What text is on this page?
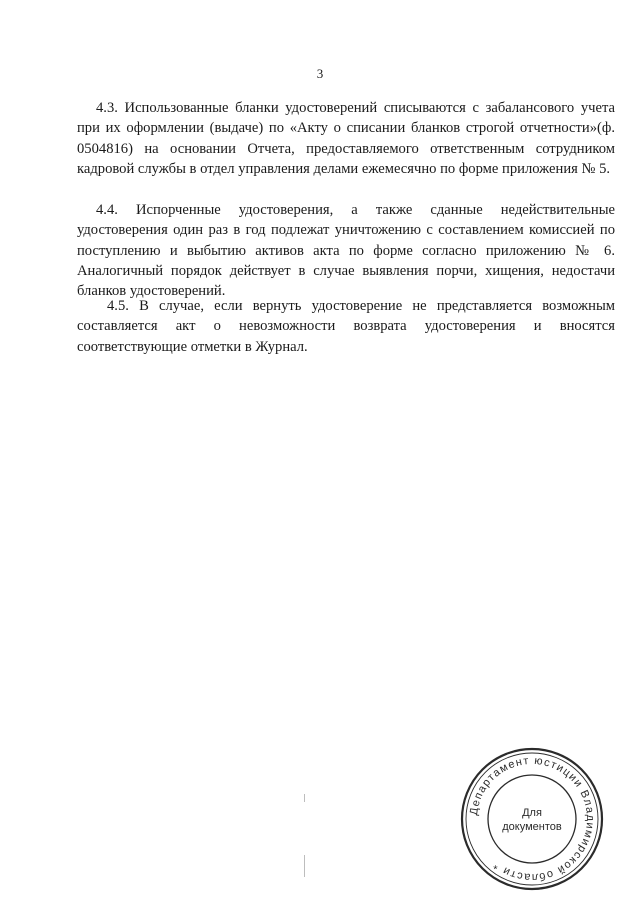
3

4.3. Использованные бланки удостоверений списываются с забалансового учета при их оформлении (выдаче) по «Акту о списании бланков строгой отчетности»(ф. 0504816) на основании Отчета, предоставляемого ответственным сотрудником кадровой службы в отдел управления делами ежемесячно по форме приложения № 5.

4.4. Испорченные удостоверения, а также сданные недействительные удостоверения один раз в год подлежат уничтожению с составлением комиссией по поступлению и выбытию активов акта по форме согласно приложению № 6. Аналогичный порядок действует в случае выявления порчи, хищения, недостачи бланков удостоверений.

4.5. В случае, если вернуть удостоверение не представляется возможным составляется акт о невозможности возврата удостоверения и вносятся соответствующие отметки в Журнал.

Департамент юстиции Владимирской области *
Для
документов
